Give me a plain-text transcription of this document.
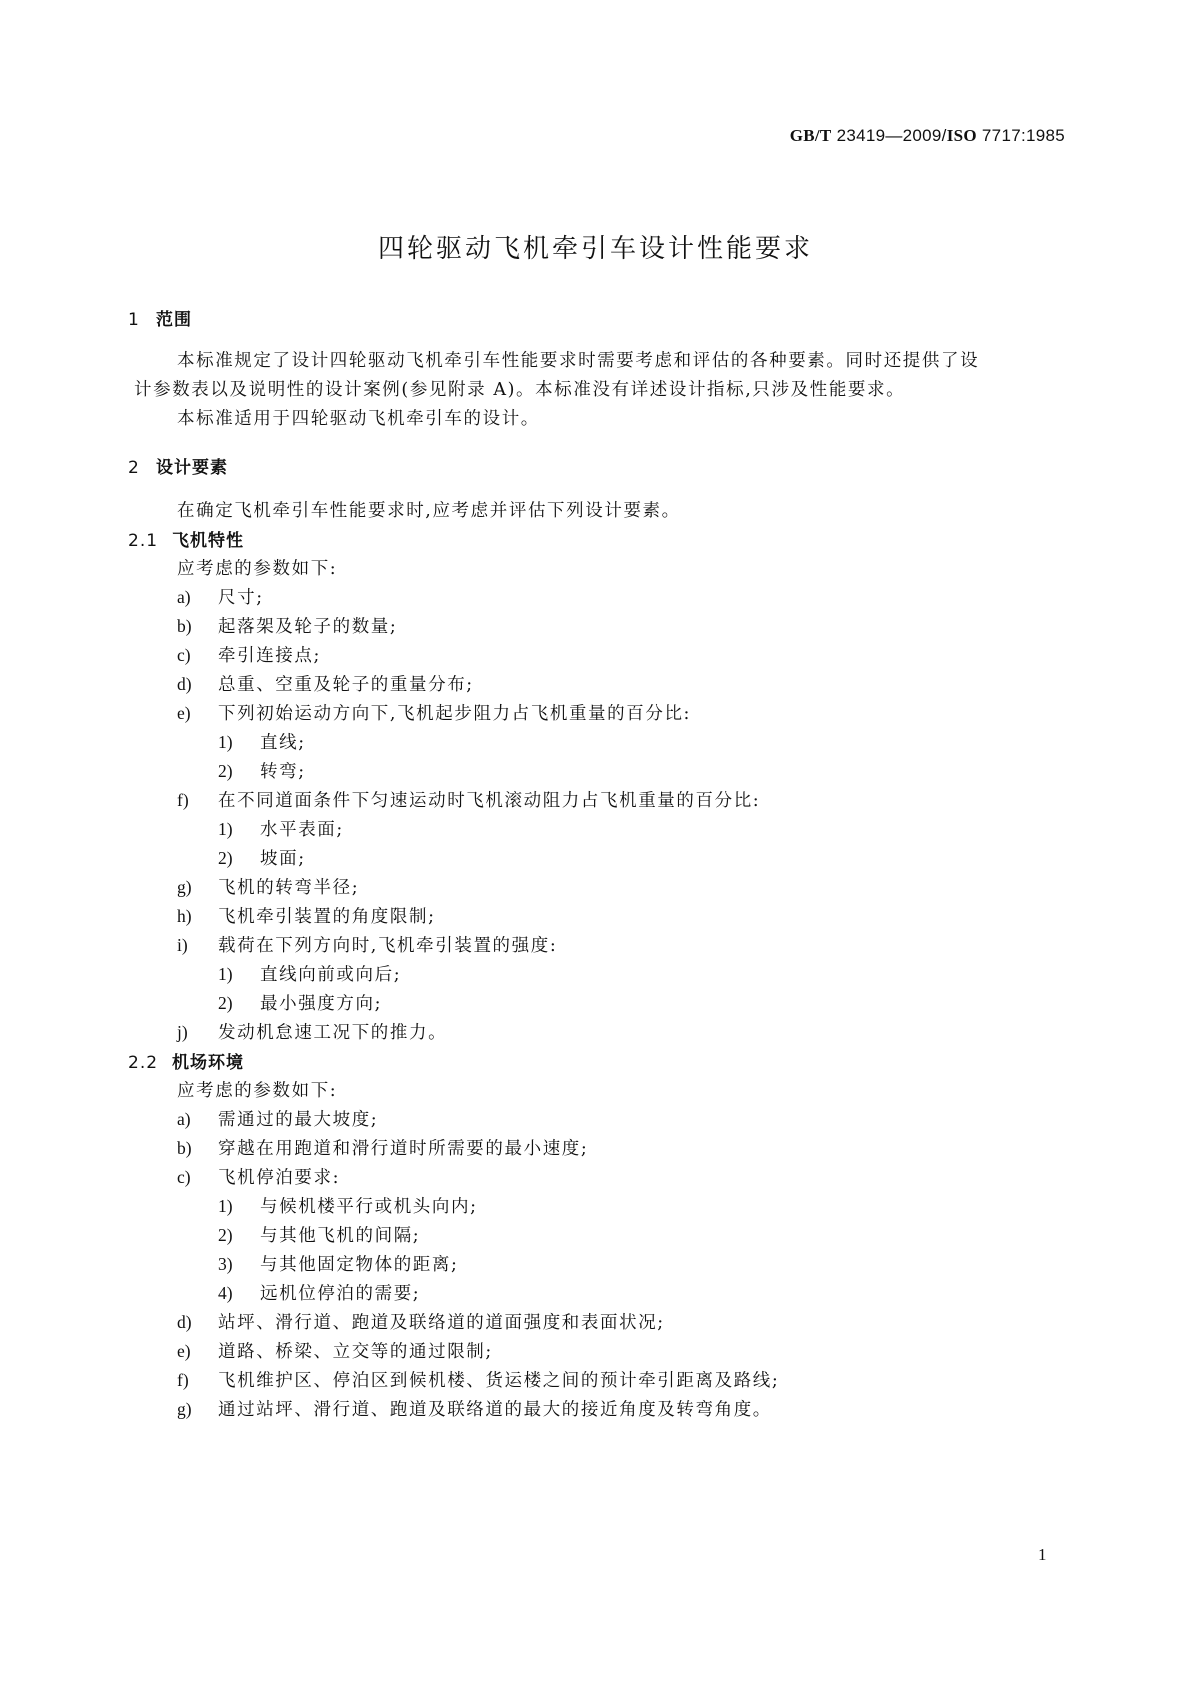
GB/T 23419—2009/ISO 7717:1985
四轮驱动飞机牵引车设计性能要求
1 范围
本标准规定了设计四轮驱动飞机牵引车性能要求时需要考虑和评估的各种要素。同时还提供了设
计参数表以及说明性的设计案例(参见附录 A)。本标准没有详述设计指标,只涉及性能要求。
本标准适用于四轮驱动飞机牵引车的设计。
2 设计要素
在确定飞机牵引车性能要求时,应考虑并评估下列设计要素。
2.1 飞机特性
应考虑的参数如下:
a) 尺寸;
b) 起落架及轮子的数量;
c) 牵引连接点;
d) 总重、空重及轮子的重量分布;
e) 下列初始运动方向下,飞机起步阻力占飞机重量的百分比:
1) 直线;
2) 转弯;
f) 在不同道面条件下匀速运动时飞机滚动阻力占飞机重量的百分比:
1) 水平表面;
2) 坡面;
g) 飞机的转弯半径;
h) 飞机牵引装置的角度限制;
i) 载荷在下列方向时,飞机牵引装置的强度:
1) 直线向前或向后;
2) 最小强度方向;
j) 发动机怠速工况下的推力。
2.2 机场环境
应考虑的参数如下:
a) 需通过的最大坡度;
b) 穿越在用跑道和滑行道时所需要的最小速度;
c) 飞机停泊要求:
1) 与候机楼平行或机头向内;
2) 与其他飞机的间隔;
3) 与其他固定物体的距离;
4) 远机位停泊的需要;
d) 站坪、滑行道、跑道及联络道的道面强度和表面状况;
e) 道路、桥梁、立交等的通过限制;
f) 飞机维护区、停泊区到候机楼、货运楼之间的预计牵引距离及路线;
g) 通过站坪、滑行道、跑道及联络道的最大的接近角度及转弯角度。
1
